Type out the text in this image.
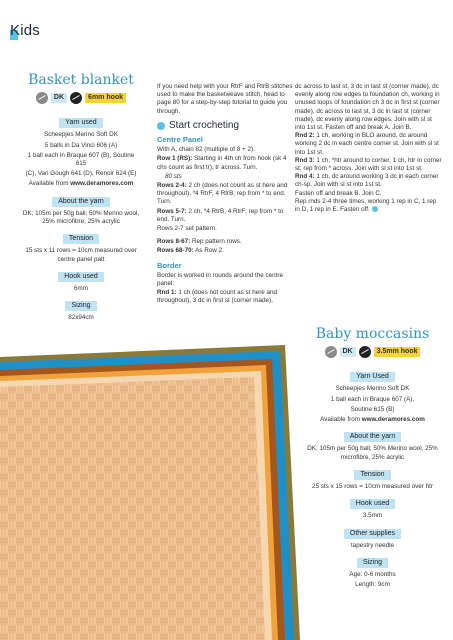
Kids
Basket blanket
DK	6mm hook
Yarn used

Scheepjes Merino Soft DK

5 balls in Da Vinci 606 (A)

1 ball each in Braque 607 (B), Soutine 615

(C), Van Gough 641 (D), Renoir 624 (E)

Available from www.deramores.com

About the yarn

DK; 105m per 50g ball; 50% Merino wool, 25% microfibre, 25% acrylic

Tension

15 sts x 11 rows = 10cm measured over centre panel patt

Hook used

6mm

Sizing

82x94cm

If you need help with your RtrF and RtrB stitches used to make the basketweave stitch, head to page 80 for a step-by-step tutorial to guide you through.

Start crocheting
Centre Panel

With A, chain 82 (multiple of 8 + 2).

Row 1 (RS): Starting in 4th ch from hook (sk 4 chs count as first tr), tr across. Turn.

80 sts

Rows 2-4: 2 ch (does not count as st here and throughout), *4 RtrF, 4 RtrB; rep from * to end. Turn.

Rows 5-7: 2 ch, *4 RtrB, 4 RtrF; rep from * to end. Turn.

Rows 2-7 set pattern.

Rows 8-67: Rep pattern rows.

Rows 68-70: As Row 2.

Border

Border is worked in rounds around the centre panel.

Rnd 1: 1 ch (does not count as st here and throughout), 3 dc in first st (corner made),

dc across to last st, 3 dc in last st (corner made), dc evenly along row edges to foundation ch, working in unused loops of foundation ch 3 dc in first st (corner made), dc across to last st, 3 dc in last st (corner made), dc evenly along row edges. Join with sl st into 1st st. Fasten off and break A. Join B.

Rnd 2: 1 ch, working in BLO around, dc around working 2 dc in each centre corner st. Join with sl st into 1st st.

Rnd 3: 1 ch, *htr around to corner, 1 ch, htr in corner st; rep from * across. Join with sl st into 1st st.

Rnd 4: 1 ch, dc around working 3 dc in each corner ch-sp. Join with sl st into 1st st.

Fasten off and break B. Join C.

Rep rnds 2-4 three times, working 1 rep in C, 1 rep in D, 1 rep in E. Fasten off.

Baby moccasins
DK	3.5mm hook
Yarn Used

Scheepjes Merino Soft DK

1 ball each in Braque 607 (A),

Soutine 615 (B)

Available from www.deramores.com

About the yarn

DK; 105m per 50g ball; 50% Merino wool, 25% microfibre, 25% acrylic

Tension

25 sts x 15 rows = 10cm measured over htr

Hook used

3.5mm

Other supplies

tapestry needle

Sizing

Age: 0-6 months

Length: 9cm
